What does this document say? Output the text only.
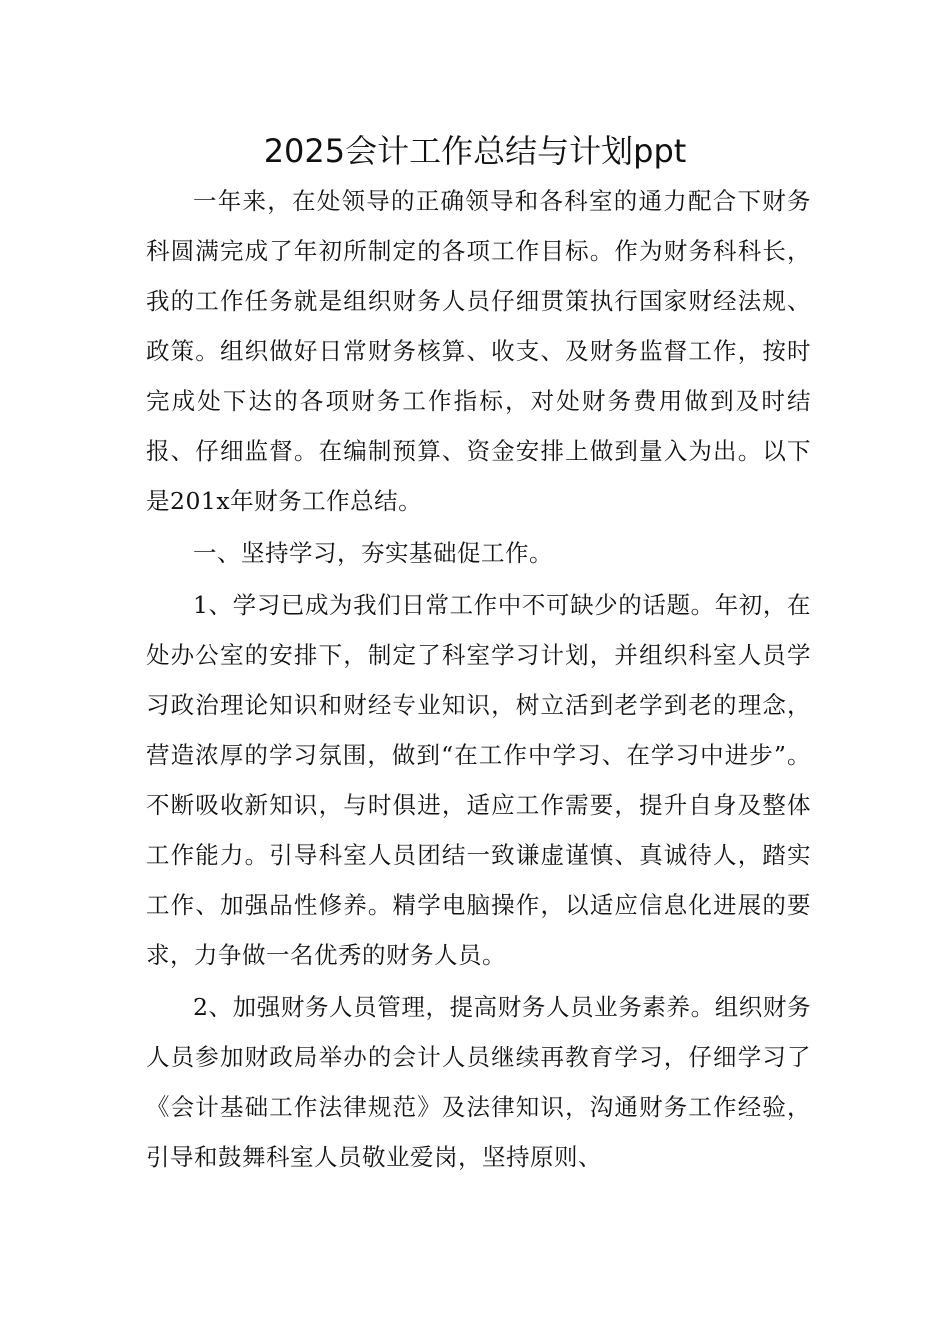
2025会计工作总结与计划ppt

一年来，在处领导的正确领导和各科室的通力配合下财务科圆满完成了年初所制定的各项工作目标。作为财务科科长，我的工作任务就是组织财务人员仔细贯策执行国家财经法规、政策。组织做好日常财务核算、收支、及财务监督工作，按时完成处下达的各项财务工作指标，对处财务费用做到及时结报、仔细监督。在编制预算、资金安排上做到量入为出。以下是201x年财务工作总结。

一、坚持学习，夯实基础促工作。

1、学习已成为我们日常工作中不可缺少的话题。年初，在处办公室的安排下，制定了科室学习计划，并组织科室人员学习政治理论知识和财经专业知识，树立活到老学到老的理念，营造浓厚的学习氛围，做到“在工作中学习、在学习中进步”。不断吸收新知识，与时俱进，适应工作需要，提升自身及整体工作能力。引导科室人员团结一致谦虚谨慎、真诚待人，踏实工作、加强品性修养。精学电脑操作，以适应信息化进展的要求，力争做一名优秀的财务人员。

2、加强财务人员管理，提高财务人员业务素养。组织财务人员参加财政局举办的会计人员继续再教育学习，仔细学习了《会计基础工作法律规范》及法律知识，沟通财务工作经验，引导和鼓舞科室人员敬业爱岗，坚持原则、
